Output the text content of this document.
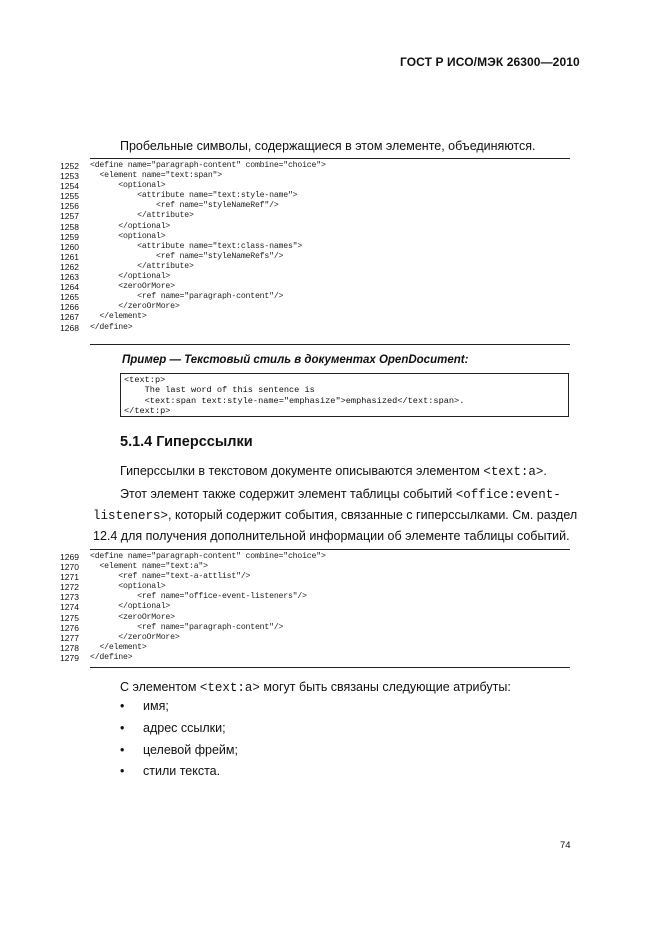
ГОСТ Р ИСО/МЭК 26300—2010
Пробельные символы, содержащиеся в этом элементе, объединяются.
1252	<define name="paragraph-content" combine="choice">
1253	<element name="text:span">
1254	<optional>
1255	<attribute name="text:style-name">
1256	<ref name="styleNameRef"/>
1257	</attribute>
1258	</optional>
1259	<optional>
1260	<attribute name="text:class-names">
1261	<ref name="styleNameRefs"/>
1262	</attribute>
1263	</optional>
1264	<zeroOrMore>
1265	<ref name="paragraph-content"/>
1266	</zeroOrMore>
1267	</element>
1268	</define>
Пример — Текстовый стиль в документах OpenDocument:
<text:p>
The last word of this sentence is
<text:span text:style-name="emphasize">emphasized</text:span>.
</text:p>
5.1.4 Гиперссылки
Гиперссылки в текстовом документе описываются элементом <text:a>.
Этот элемент также содержит элемент таблицы событий <office:event-
listeners>, который содержит события, связанные с гиперссылками. См. раздел
12.4 для получения дополнительной информации об элементе таблицы событий.
1269	<define name="paragraph-content" combine="choice">
1270	<element name="text:a">
1271	<ref name="text-a-attlist"/>
1272	<optional>
1273	<ref name="office-event-listeners"/>
1274	</optional>
1275	<zeroOrMore>
1276	<ref name="paragraph-content"/>
1277	</zeroOrMore>
1278	</element>
1279	</define>
С элементом <text:a> могут быть связаны следующие атрибуты:
• имя;
• адрес ссылки;
• целевой фрейм;
• стили текста.
74
